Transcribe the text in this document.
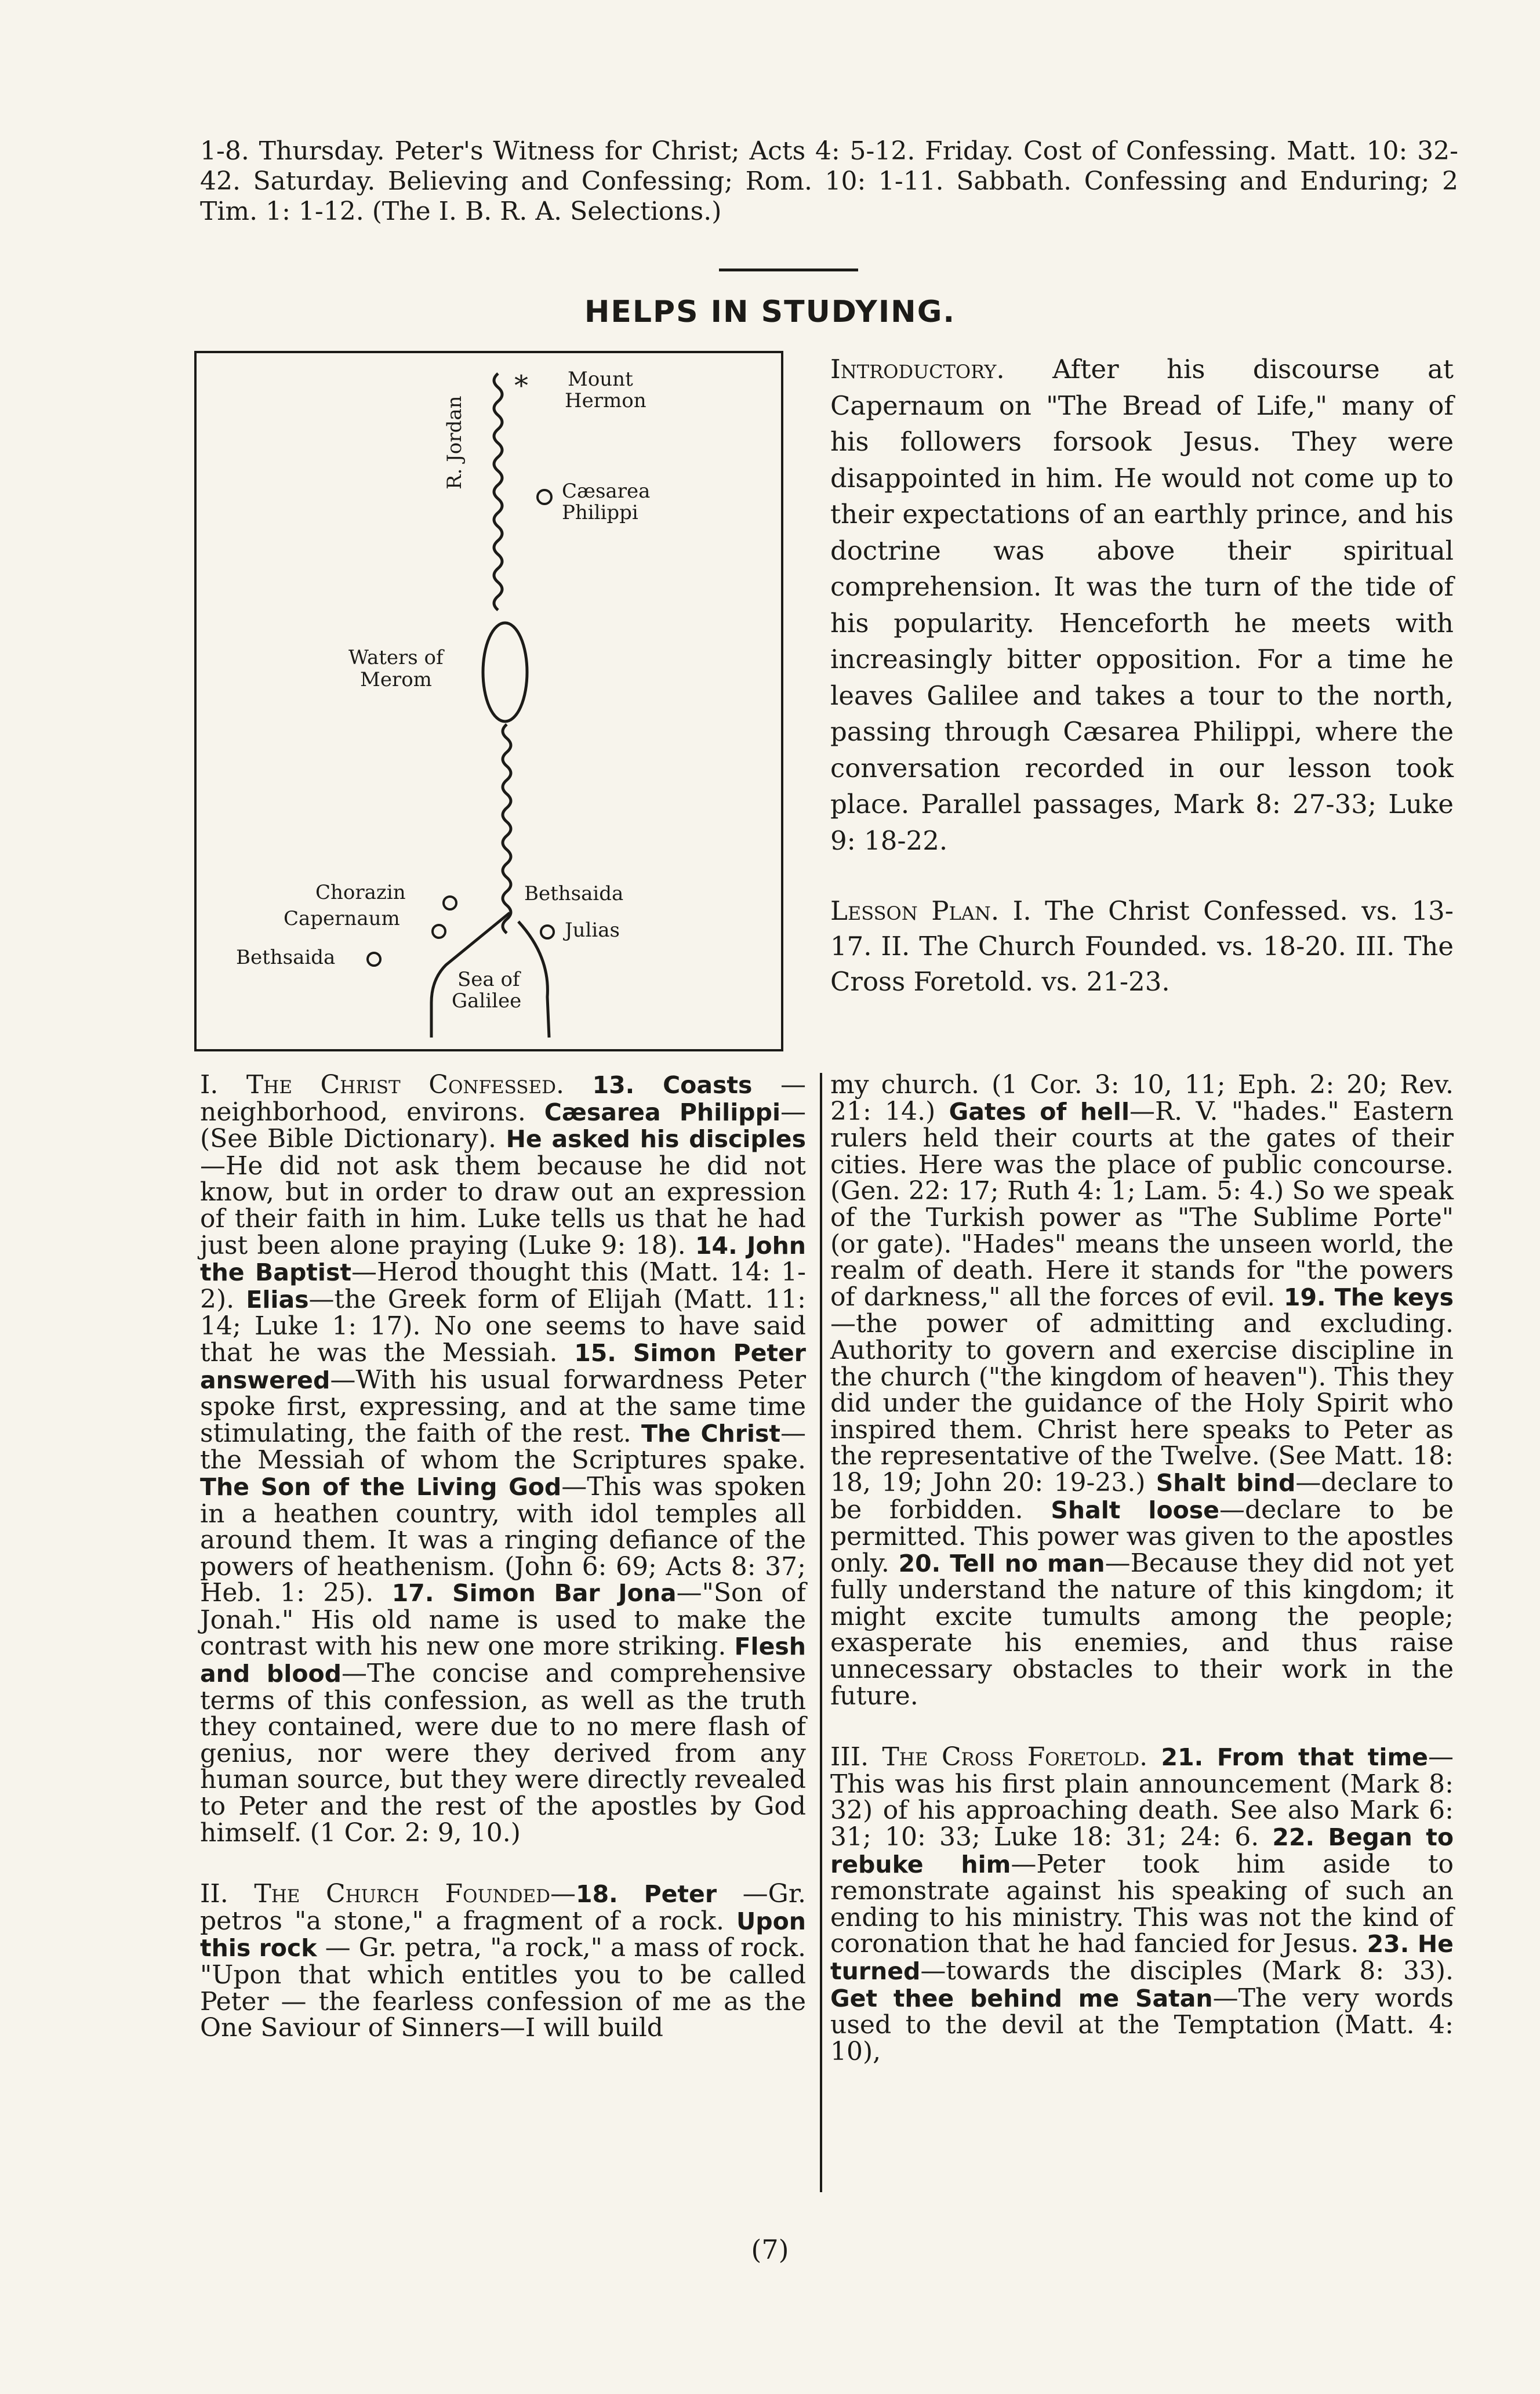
1-8. Thursday. Peter's Witness for Christ; Acts 4: 5-12. Friday. Cost of Confessing. Matt. 10: 32-42. Saturday. Believing and Confessing; Rom. 10: 1-11. Sabbath. Confessing and Enduring; 2 Tim. 1: 1-12. (The I. B. R. A. Selections.)

HELPS IN STUDYING.
* Mount
Hermon
R. Jordan
Cæsarea
Philippi
Waters of
Merom
Chorazin
Capernaum
Bethsaida
Bethsaida
Julias
Sea of
Galilee

Introductory. After his discourse at Capernaum on "The Bread of Life," many of his followers forsook Jesus. They were disappointed in him. He would not come up to their expectations of an earthly prince, and his doctrine was above their spiritual comprehension. It was the turn of the tide of his popularity. Henceforth he meets with increasingly bitter opposition. For a time he leaves Galilee and takes a tour to the north, passing through Cæsarea Philippi, where the conversation recorded in our lesson took place. Parallel passages, Mark 8: 27-33; Luke 9: 18-22.

Lesson Plan. I. The Christ Confessed. vs. 13-17. II. The Church Founded. vs. 18-20. III. The Cross Foretold. vs. 21-23.

I. The Christ Confessed. 13. Coasts —neighborhood, environs. Cæsarea Philippi—(See Bible Dictionary). He asked his disciples—He did not ask them because he did not know, but in order to draw out an expression of their faith in him. Luke tells us that he had just been alone praying (Luke 9: 18). 14. John the Baptist—Herod thought this (Matt. 14: 1-2). Elias—the Greek form of Elijah (Matt. 11: 14; Luke 1: 17). No one seems to have said that he was the Messiah. 15. Simon Peter answered—With his usual forwardness Peter spoke first, expressing, and at the same time stimulating, the faith of the rest. The Christ—the Messiah of whom the Scriptures spake. The Son of the Living God—This was spoken in a heathen country, with idol temples all around them. It was a ringing defiance of the powers of heathenism. (John 6: 69; Acts 8: 37; Heb. 1: 25). 17. Simon Bar Jona—"Son of Jonah." His old name is used to make the contrast with his new one more striking. Flesh and blood—The concise and comprehensive terms of this confession, as well as the truth they contained, were due to no mere flash of genius, nor were they derived from any human source, but they were directly revealed to Peter and the rest of the apostles by God himself. (1 Cor. 2: 9, 10.)

II. The Church Founded—18. Peter —Gr. petros "a stone," a fragment of a rock. Upon this rock — Gr. petra, "a rock," a mass of rock. "Upon that which entitles you to be called Peter — the fearless confession of me as the One Saviour of Sinners—I will build

my church. (1 Cor. 3: 10, 11; Eph. 2: 20; Rev. 21: 14.) Gates of hell—R. V. "hades." Eastern rulers held their courts at the gates of their cities. Here was the place of public concourse. (Gen. 22: 17; Ruth 4: 1; Lam. 5: 4.) So we speak of the Turkish power as "The Sublime Porte" (or gate). "Hades" means the unseen world, the realm of death. Here it stands for "the powers of darkness," all the forces of evil. 19. The keys—the power of admitting and excluding. Authority to govern and exercise discipline in the church ("the kingdom of heaven"). This they did under the guidance of the Holy Spirit who inspired them. Christ here speaks to Peter as the representative of the Twelve. (See Matt. 18: 18, 19; John 20: 19-23.) Shalt bind—declare to be forbidden. Shalt loose—declare to be permitted. This power was given to the apostles only. 20. Tell no man—Because they did not yet fully understand the nature of this kingdom; it might excite tumults among the people; exasperate his enemies, and thus raise unnecessary obstacles to their work in the future.

III. The Cross Foretold. 21. From that time—This was his first plain announcement (Mark 8: 32) of his approaching death. See also Mark 6: 31; 10: 33; Luke 18: 31; 24: 6. 22. Began to rebuke him—Peter took him aside to remonstrate against his speaking of such an ending to his ministry. This was not the kind of coronation that he had fancied for Jesus. 23. He turned—towards the disciples (Mark 8: 33). Get thee behind me Satan—The very words used to the devil at the Temptation (Matt. 4: 10),

(7)
